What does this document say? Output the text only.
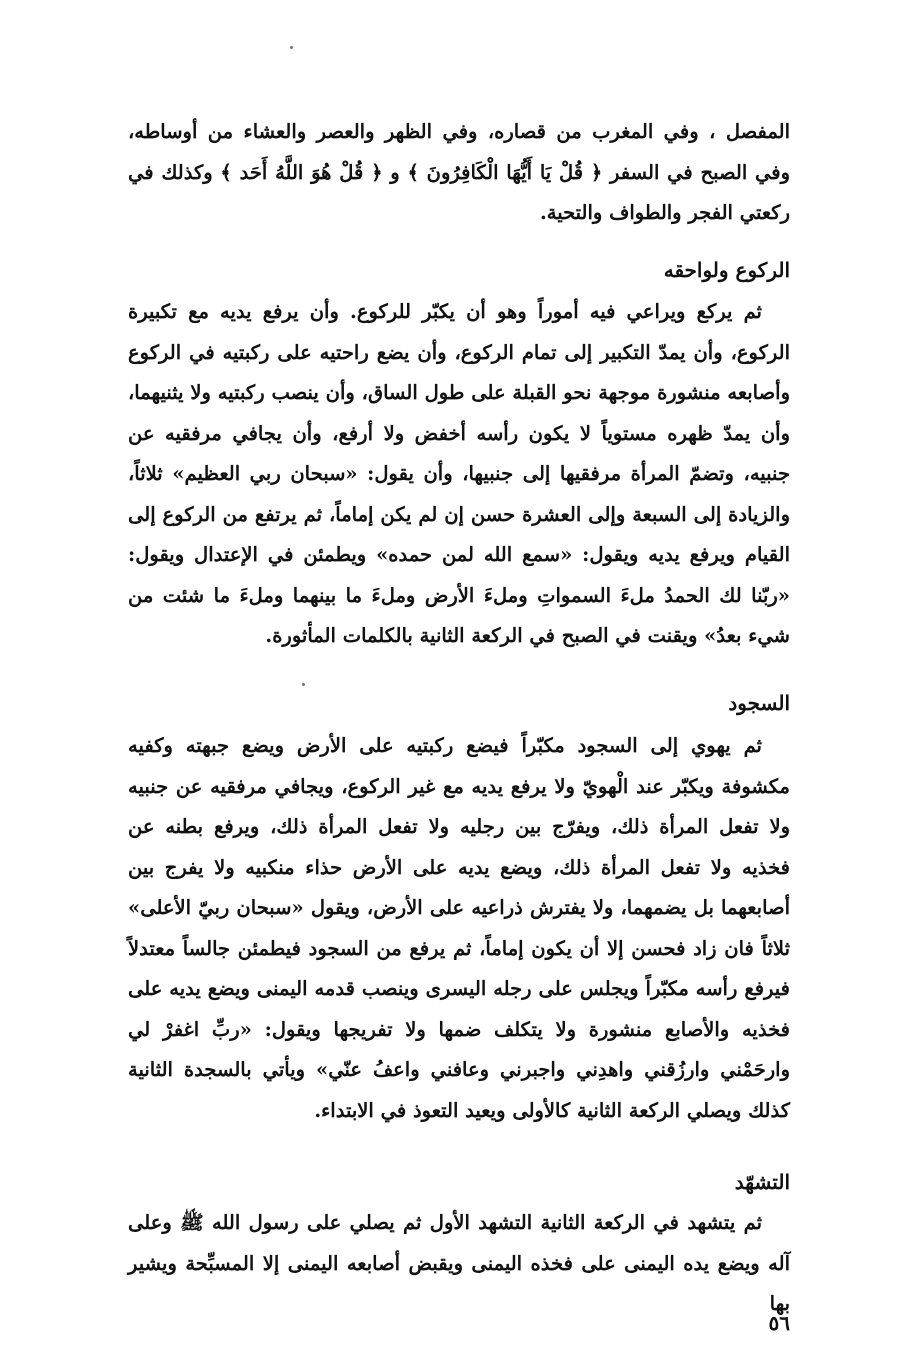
المفصل ، وفي المغرب من قصاره، وفي الظهر والعصر والعشاء من أوساطه، وفي الصبح في السفر ﴿ قُلْ يَا أَيُّهَا الْكَافِرُونَ ﴾ و ﴿ قُلْ هُوَ اللَّهُ أَحَد ﴾ وكذلك في ركعتي الفجر والطواف والتحية.

الركوع ولواحقه

ثم يركع ويراعي فيه أموراً وهو أن يكبّر للركوع. وأن يرفع يديه مع تكبيرة الركوع، وأن يمدّ التكبير إلى تمام الركوع، وأن يضع راحتيه على ركبتيه في الركوع وأصابعه منشورة موجهة نحو القبلة على طول الساق، وأن ينصب ركبتيه ولا يثنيهما، وأن يمدّ ظهره مستوياً لا يكون رأسه أخفض ولا أرفع، وأن يجافي مرفقيه عن جنبيه، وتضمّ المرأة مرفقيها إلى جنبيها، وأن يقول: «سبحان ربي العظيم» ثلاثاً، والزيادة إلى السبعة وإلى العشرة حسن إن لم يكن إماماً، ثم يرتفع من الركوع إلى القيام ويرفع يديه ويقول: «سمع الله لمن حمده» ويطمئن في الإعتدال ويقول: «ربّنا لك الحمدُ ملءَ السمواتِ وملءَ الأرض وملءَ ما بينهما وملءَ ما شئت من شيء بعدُ» ويقنت في الصبح في الركعة الثانية بالكلمات المأثورة.

السجود

ثم يهوي إلى السجود مكبّراً فيضع ركبتيه على الأرض ويضع جبهته وكفيه مكشوفة ويكبّر عند الْهويّ ولا يرفع يديه مع غير الركوع، ويجافي مرفقيه عن جنبيه ولا تفعل المرأة ذلك، ويفرّج بين رجليه ولا تفعل المرأة ذلك، ويرفع بطنه عن فخذيه ولا تفعل المرأة ذلك، ويضع يديه على الأرض حذاء منكبيه ولا يفرج بين أصابعهما بل يضمهما، ولا يفترش ذراعيه على الأرض، ويقول «سبحان ربيّ الأعلى» ثلاثاً فان زاد فحسن إلا أن يكون إماماً، ثم يرفع من السجود فيطمئن جالساً معتدلاً فيرفع رأسه مكبّراً ويجلس على رجله اليسرى وينصب قدمه اليمنى ويضع يديه على فخذيه والأصابع منشورة ولا يتكلف ضمها ولا تفريجها ويقول: «ربِّ اغفرْ لي وارحَمْني وارزُقني واهدِني واجبرني وعافني واعفُ عنّي» ويأتي بالسجدة الثانية كذلك ويصلي الركعة الثانية كالأولى ويعيد التعوذ في الابتداء.

التشهّد

ثم يتشهد في الركعة الثانية التشهد الأول ثم يصلي على رسول الله ﷺ وعلى آله ويضع يده اليمنى على فخذه اليمنى ويقبض أصابعه اليمنى إلا المسبِّحة ويشير بها

٥٦
